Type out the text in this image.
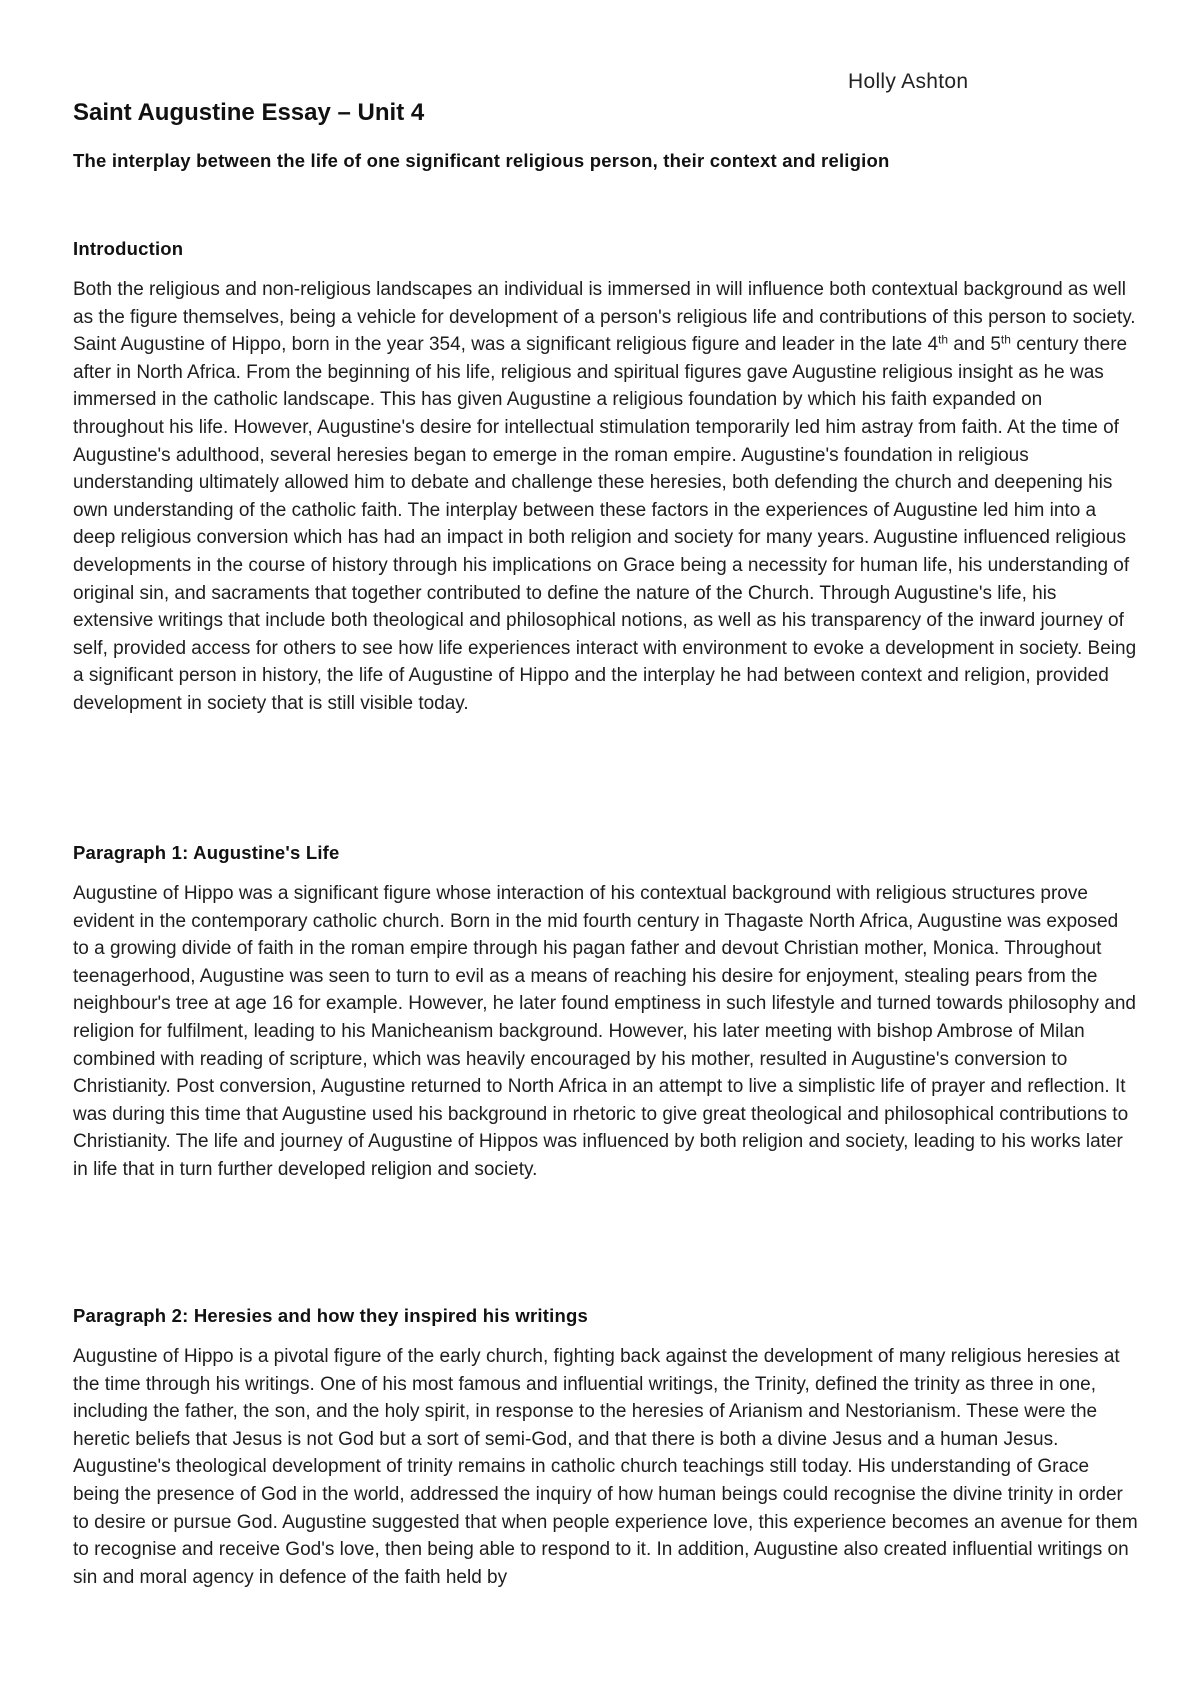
Holly Ashton
Saint Augustine Essay – Unit 4
The interplay between the life of one significant religious person, their context and religion
Introduction

Both the religious and non-religious landscapes an individual is immersed in will influence both contextual background as well as the figure themselves, being a vehicle for development of a person's religious life and contributions of this person to society. Saint Augustine of Hippo, born in the year 354, was a significant religious figure and leader in the late 4th and 5th century there after in North Africa. From the beginning of his life, religious and spiritual figures gave Augustine religious insight as he was immersed in the catholic landscape. This has given Augustine a religious foundation by which his faith expanded on throughout his life. However, Augustine's desire for intellectual stimulation temporarily led him astray from faith. At the time of Augustine's adulthood, several heresies began to emerge in the roman empire. Augustine's foundation in religious understanding ultimately allowed him to debate and challenge these heresies, both defending the church and deepening his own understanding of the catholic faith. The interplay between these factors in the experiences of Augustine led him into a deep religious conversion which has had an impact in both religion and society for many years. Augustine influenced religious developments in the course of history through his implications on Grace being a necessity for human life, his understanding of original sin, and sacraments that together contributed to define the nature of the Church. Through Augustine's life, his extensive writings that include both theological and philosophical notions, as well as his transparency of the inward journey of self, provided access for others to see how life experiences interact with environment to evoke a development in society. Being a significant person in history, the life of Augustine of Hippo and the interplay he had between context and religion, provided development in society that is still visible today.

Paragraph 1: Augustine's Life

Augustine of Hippo was a significant figure whose interaction of his contextual background with religious structures prove evident in the contemporary catholic church. Born in the mid fourth century in Thagaste North Africa, Augustine was exposed to a growing divide of faith in the roman empire through his pagan father and devout Christian mother, Monica. Throughout teenagerhood, Augustine was seen to turn to evil as a means of reaching his desire for enjoyment, stealing pears from the neighbour's tree at age 16 for example. However, he later found emptiness in such lifestyle and turned towards philosophy and religion for fulfilment, leading to his Manicheanism background. However, his later meeting with bishop Ambrose of Milan combined with reading of scripture, which was heavily encouraged by his mother, resulted in Augustine's conversion to Christianity. Post conversion, Augustine returned to North Africa in an attempt to live a simplistic life of prayer and reflection. It was during this time that Augustine used his background in rhetoric to give great theological and philosophical contributions to Christianity. The life and journey of Augustine of Hippos was influenced by both religion and society, leading to his works later in life that in turn further developed religion and society.

Paragraph 2: Heresies and how they inspired his writings

Augustine of Hippo is a pivotal figure of the early church, fighting back against the development of many religious heresies at the time through his writings. One of his most famous and influential writings, the Trinity, defined the trinity as three in one, including the father, the son, and the holy spirit, in response to the heresies of Arianism and Nestorianism. These were the heretic beliefs that Jesus is not God but a sort of semi-God, and that there is both a divine Jesus and a human Jesus. Augustine's theological development of trinity remains in catholic church teachings still today. His understanding of Grace being the presence of God in the world, addressed the inquiry of how human beings could recognise the divine trinity in order to desire or pursue God. Augustine suggested that when people experience love, this experience becomes an avenue for them to recognise and receive God's love, then being able to respond to it. In addition, Augustine also created influential writings on sin and moral agency in defence of the faith held by
